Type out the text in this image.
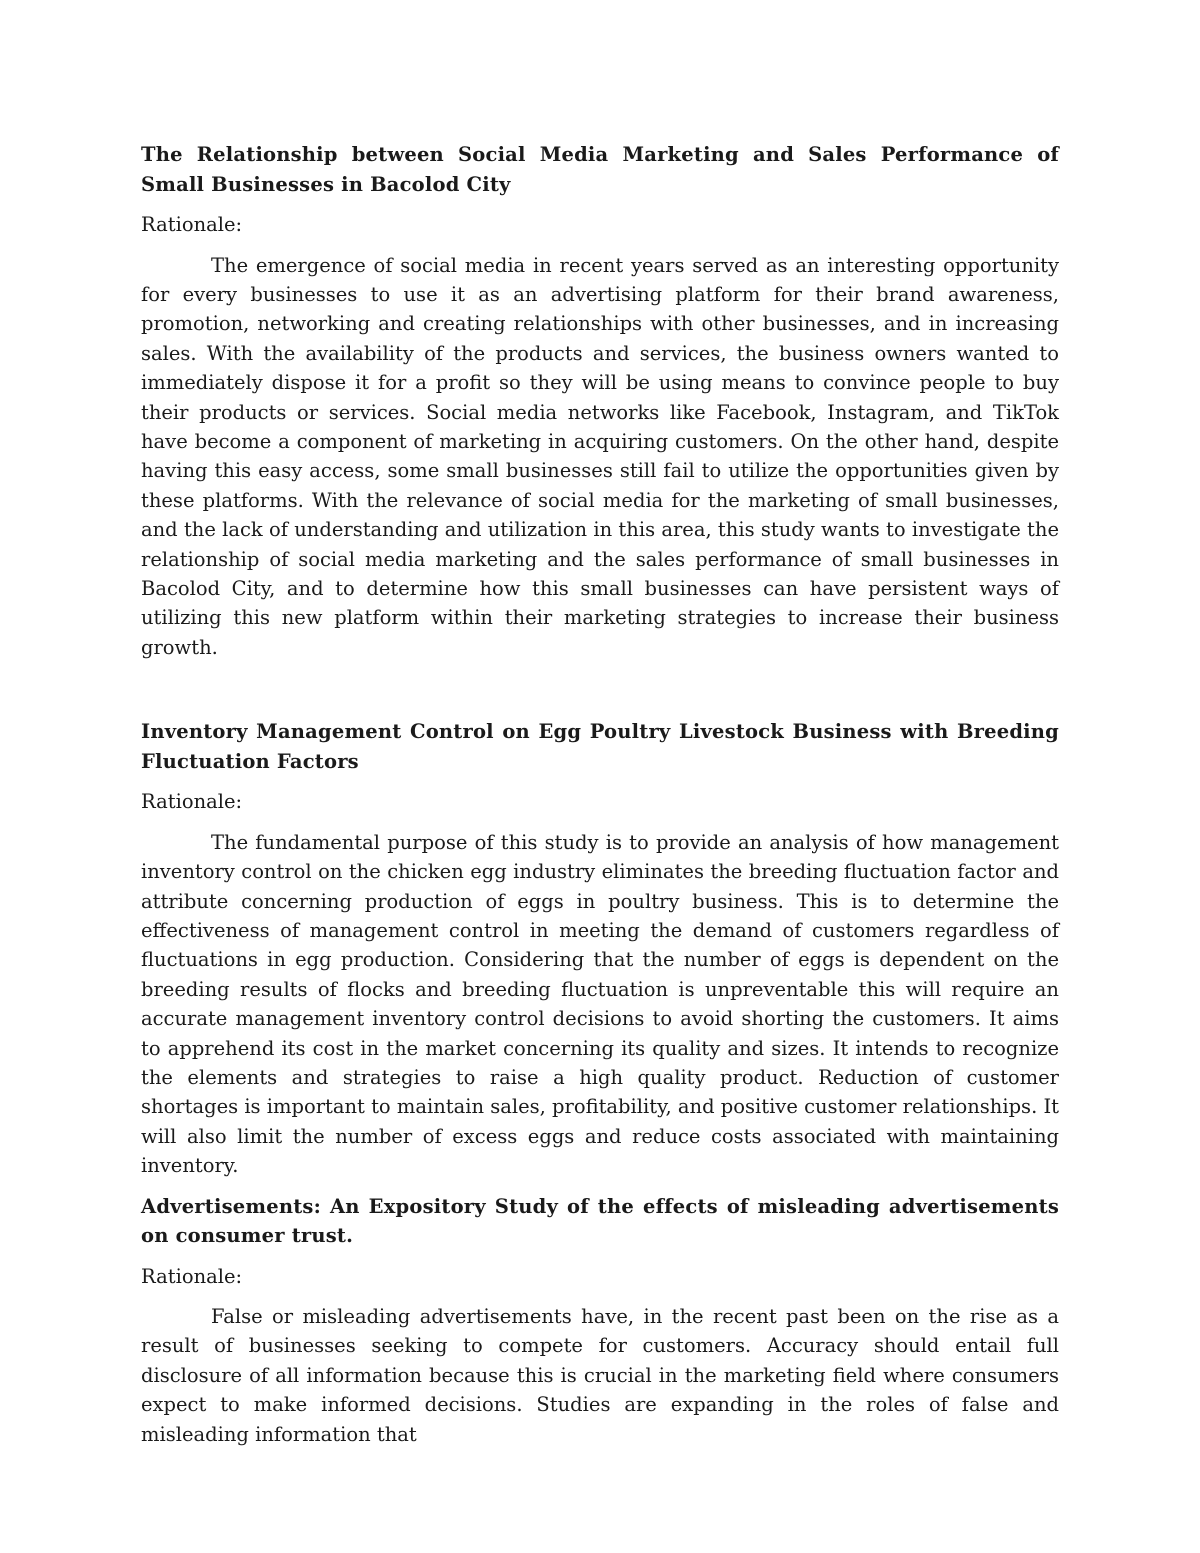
The Relationship between Social Media Marketing and Sales Performance of Small Businesses in Bacolod City

Rationale:

The emergence of social media in recent years served as an interesting opportunity for every businesses to use it as an advertising platform for their brand awareness, promotion, networking and creating relationships with other businesses, and in increasing sales. With the availability of the products and services, the business owners wanted to immediately dispose it for a profit so they will be using means to convince people to buy their products or services. Social media networks like Facebook, Instagram, and TikTok have become a component of marketing in acquiring customers. On the other hand, despite having this easy access, some small businesses still fail to utilize the opportunities given by these platforms. With the relevance of social media for the marketing of small businesses, and the lack of understanding and utilization in this area, this study wants to investigate the relationship of social media marketing and the sales performance of small businesses in Bacolod City, and to determine how this small businesses can have persistent ways of utilizing this new platform within their marketing strategies to increase their business growth.

Inventory Management Control on Egg Poultry Livestock Business with Breeding Fluctuation Factors

Rationale:

The fundamental purpose of this study is to provide an analysis of how management inventory control on the chicken egg industry eliminates the breeding fluctuation factor and attribute concerning production of eggs in poultry business. This is to determine the effectiveness of management control in meeting the demand of customers regardless of fluctuations in egg production. Considering that the number of eggs is dependent on the breeding results of flocks and breeding fluctuation is unpreventable this will require an accurate management inventory control decisions to avoid shorting the customers. It aims to apprehend its cost in the market concerning its quality and sizes. It intends to recognize the elements and strategies to raise a high quality product. Reduction of customer shortages is important to maintain sales, profitability, and positive customer relationships. It will also limit the number of excess eggs and reduce costs associated with maintaining inventory.

Advertisements: An Expository Study of the effects of misleading advertisements on consumer trust.

Rationale:

False or misleading advertisements have, in the recent past been on the rise as a result of businesses seeking to compete for customers. Accuracy should entail full disclosure of all information because this is crucial in the marketing field where consumers expect to make informed decisions. Studies are expanding in the roles of false and misleading information that
